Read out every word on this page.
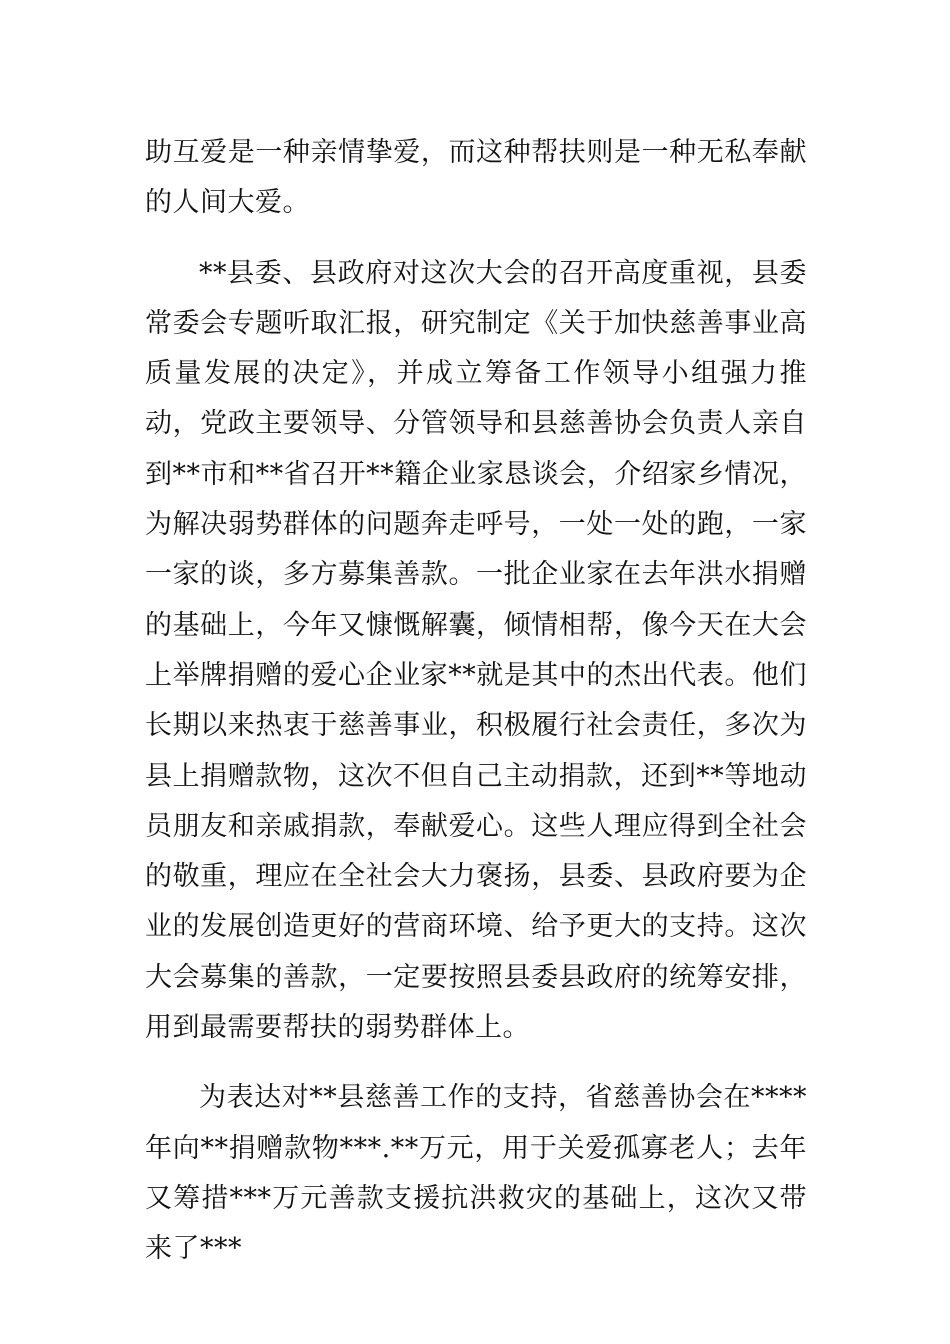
助互爱是一种亲情挚爱，而这种帮扶则是一种无私奉献的人间大爱。

**县委、县政府对这次大会的召开高度重视，县委常委会专题听取汇报，研究制定《关于加快慈善事业高质量发展的决定》，并成立筹备工作领导小组强力推动，党政主要领导、分管领导和县慈善协会负责人亲自到**市和**省召开**籍企业家恳谈会，介绍家乡情况，为解决弱势群体的问题奔走呼号，一处一处的跑，一家一家的谈，多方募集善款。一批企业家在去年洪水捐赠的基础上，今年又慷慨解囊，倾情相帮，像今天在大会上举牌捐赠的爱心企业家**就是其中的杰出代表。他们长期以来热衷于慈善事业，积极履行社会责任，多次为县上捐赠款物，这次不但自己主动捐款，还到**等地动员朋友和亲戚捐款，奉献爱心。这些人理应得到全社会的敬重，理应在全社会大力褒扬，县委、县政府要为企业的发展创造更好的营商环境、给予更大的支持。这次大会募集的善款，一定要按照县委县政府的统筹安排，用到最需要帮扶的弱势群体上。

为表达对**县慈善工作的支持，省慈善协会在****年向**捐赠款物***.**万元，用于关爱孤寡老人；去年又筹措***万元善款支援抗洪救灾的基础上，这次又带来了***
